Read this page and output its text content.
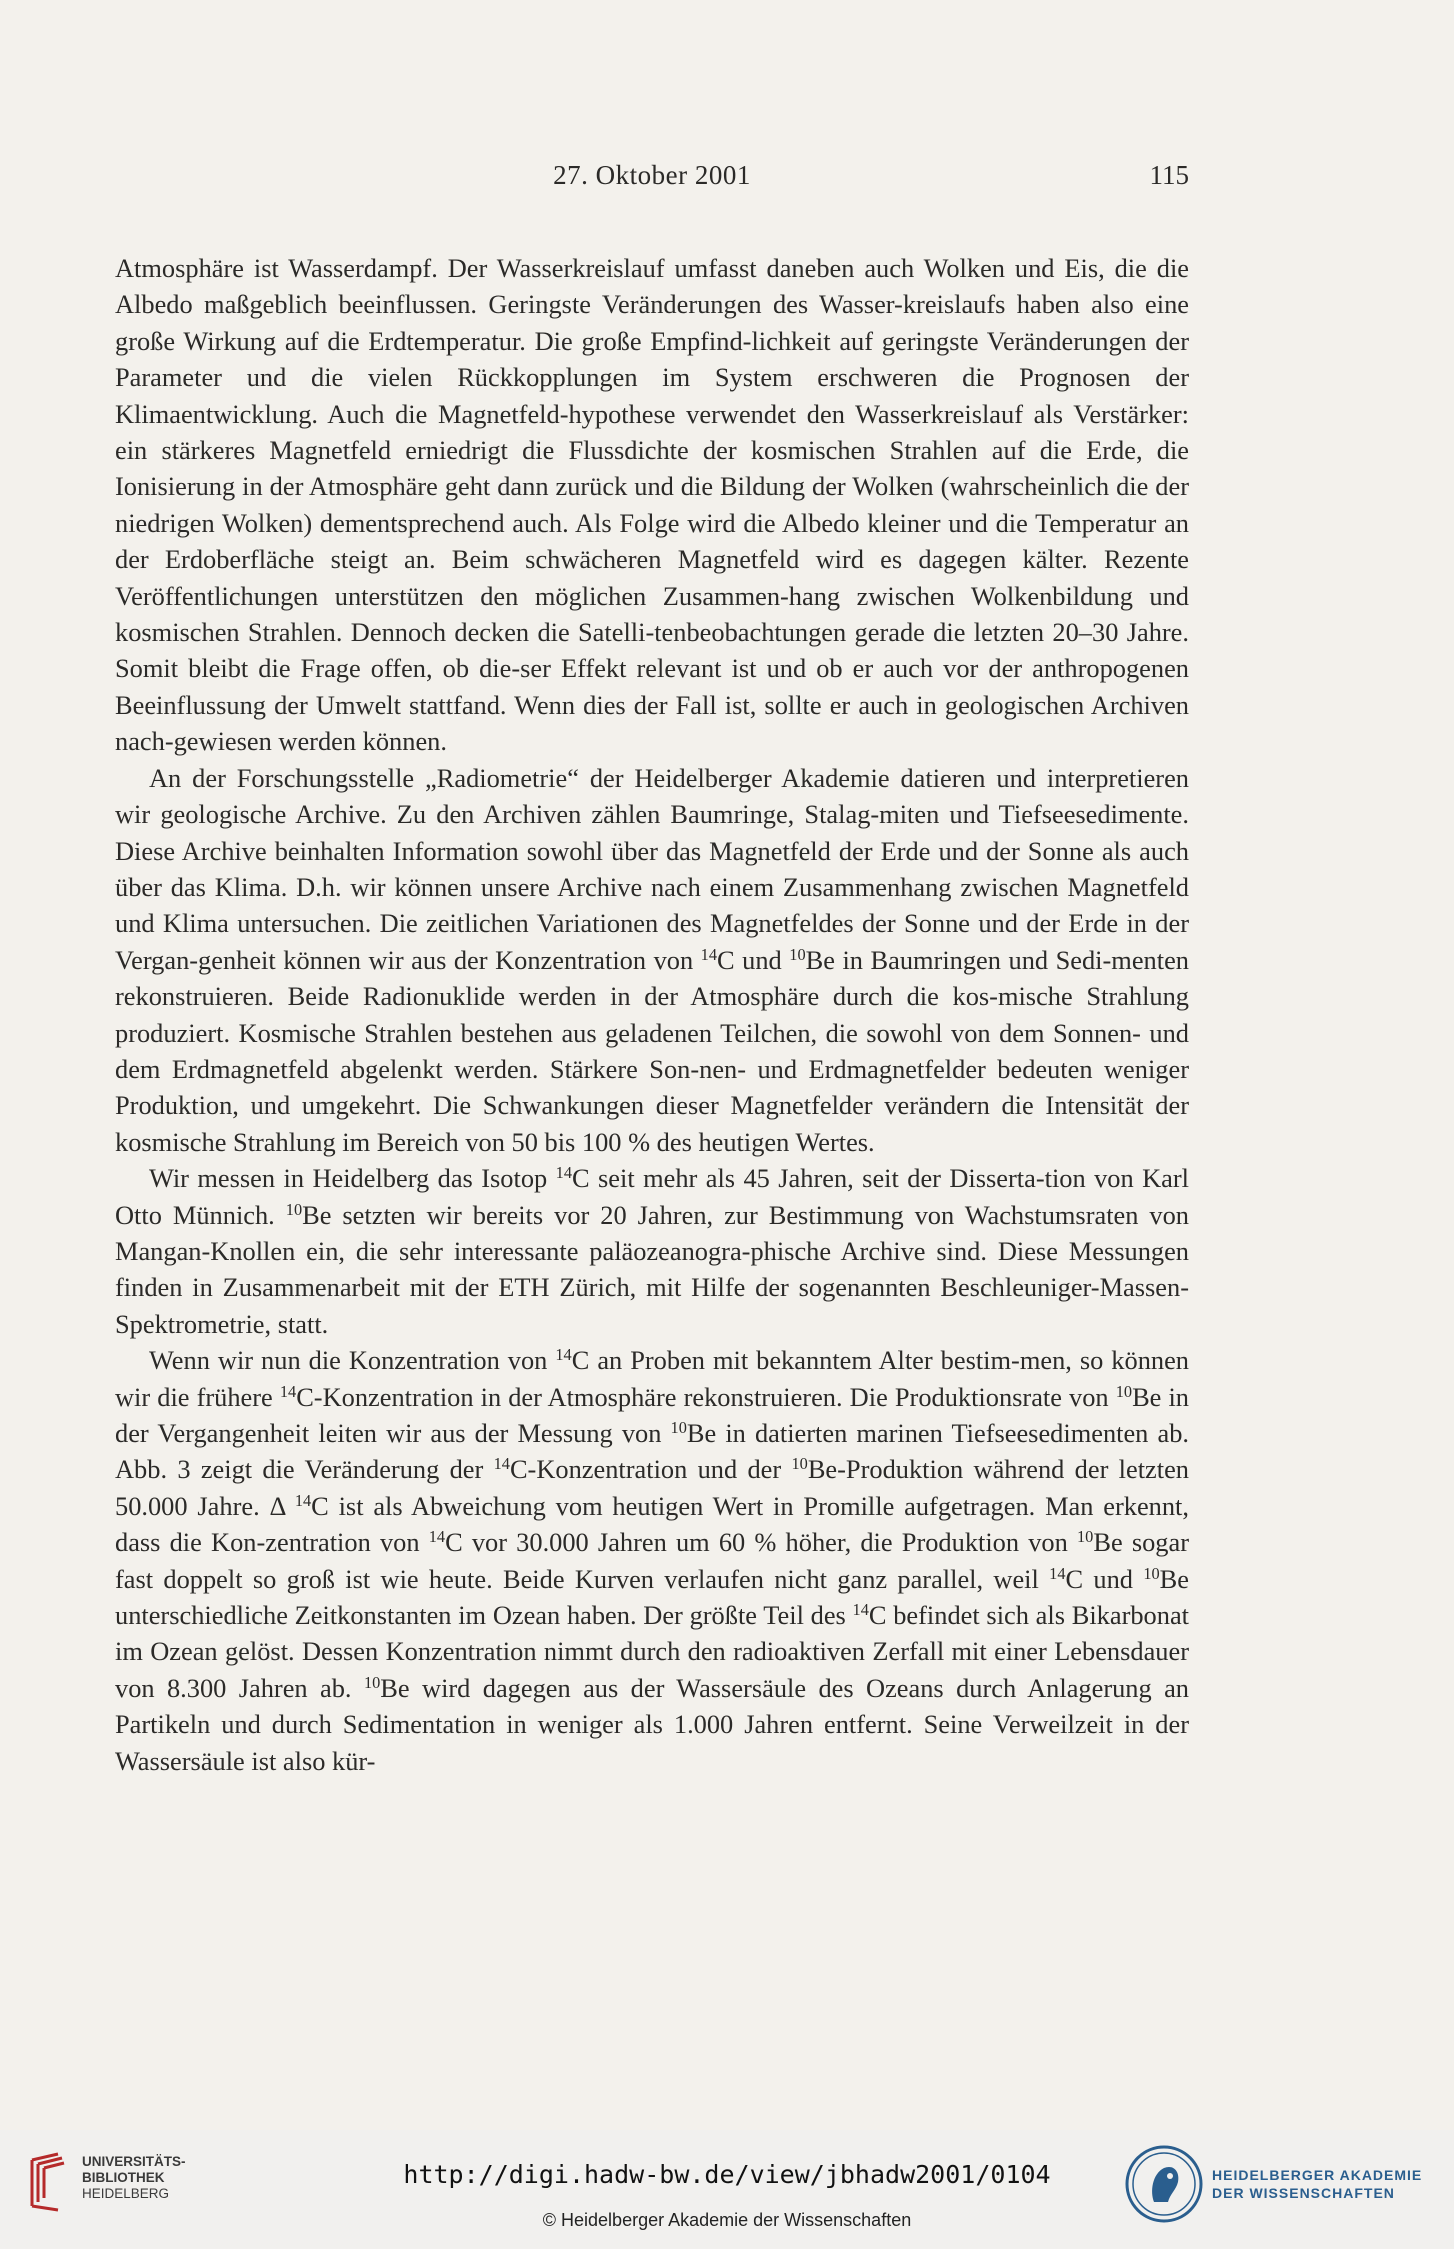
27. Oktober 2001	115

Atmosphäre ist Wasserdampf. Der Wasserkreislauf umfasst daneben auch Wolken und Eis, die die Albedo maßgeblich beeinflussen. Geringste Veränderungen des Wasser-kreislaufs haben also eine große Wirkung auf die Erdtemperatur. Die große Empfind-lichkeit auf geringste Veränderungen der Parameter und die vielen Rückkopplungen im System erschweren die Prognosen der Klimaentwicklung. Auch die Magnetfeld-hypothese verwendet den Wasserkreislauf als Verstärker: ein stärkeres Magnetfeld erniedrigt die Flussdichte der kosmischen Strahlen auf die Erde, die Ionisierung in der Atmosphäre geht dann zurück und die Bildung der Wolken (wahrscheinlich die der niedrigen Wolken) dementsprechend auch. Als Folge wird die Albedo kleiner und die Temperatur an der Erdoberfläche steigt an. Beim schwächeren Magnetfeld wird es dagegen kälter. Rezente Veröffentlichungen unterstützen den möglichen Zusammen-hang zwischen Wolkenbildung und kosmischen Strahlen. Dennoch decken die Satelli-tenbeobachtungen gerade die letzten 20–30 Jahre. Somit bleibt die Frage offen, ob die-ser Effekt relevant ist und ob er auch vor der anthropogenen Beeinflussung der Umwelt stattfand. Wenn dies der Fall ist, sollte er auch in geologischen Archiven nach-gewiesen werden können.

An der Forschungsstelle „Radiometrie“ der Heidelberger Akademie datieren und interpretieren wir geologische Archive. Zu den Archiven zählen Baumringe, Stalag-miten und Tiefseesedimente. Diese Archive beinhalten Information sowohl über das Magnetfeld der Erde und der Sonne als auch über das Klima. D.h. wir können unsere Archive nach einem Zusammenhang zwischen Magnetfeld und Klima untersuchen. Die zeitlichen Variationen des Magnetfeldes der Sonne und der Erde in der Vergan-genheit können wir aus der Konzentration von $^{14}$C und $^{10}$Be in Baumringen und Sedi-menten rekonstruieren. Beide Radionuklide werden in der Atmosphäre durch die kos-mische Strahlung produziert. Kosmische Strahlen bestehen aus geladenen Teilchen, die sowohl von dem Sonnen- und dem Erdmagnetfeld abgelenkt werden. Stärkere Son-nen- und Erdmagnetfelder bedeuten weniger Produktion, und umgekehrt. Die Schwankungen dieser Magnetfelder verändern die Intensität der kosmische Strahlung im Bereich von 50 bis 100 % des heutigen Wertes.

Wir messen in Heidelberg das Isotop $^{14}$C seit mehr als 45 Jahren, seit der Disserta-tion von Karl Otto Münnich. $^{10}$Be setzten wir bereits vor 20 Jahren, zur Bestimmung von Wachstumsraten von Mangan-Knollen ein, die sehr interessante paläozeanogra-phische Archive sind. Diese Messungen finden in Zusammenarbeit mit der ETH Zürich, mit Hilfe der sogenannten Beschleuniger-Massen-Spektrometrie, statt.

Wenn wir nun die Konzentration von $^{14}$C an Proben mit bekanntem Alter bestim-men, so können wir die frühere $^{14}$C-Konzentration in der Atmosphäre rekonstruieren. Die Produktionsrate von $^{10}$Be in der Vergangenheit leiten wir aus der Messung von $^{10}$Be in datierten marinen Tiefseesedimenten ab. Abb. 3 zeigt die Veränderung der $^{14}$C-Konzentration und der $^{10}$Be-Produktion während der letzten 50.000 Jahre. Δ $^{14}$C ist als Abweichung vom heutigen Wert in Promille aufgetragen. Man erkennt, dass die Kon-zentration von $^{14}$C vor 30.000 Jahren um 60 % höher, die Produktion von $^{10}$Be sogar fast doppelt so groß ist wie heute. Beide Kurven verlaufen nicht ganz parallel, weil $^{14}$C und $^{10}$Be unterschiedliche Zeitkonstanten im Ozean haben. Der größte Teil des $^{14}$C befindet sich als Bikarbonat im Ozean gelöst. Dessen Konzentration nimmt durch den radioaktiven Zerfall mit einer Lebensdauer von 8.300 Jahren ab. $^{10}$Be wird dagegen aus der Wassersäule des Ozeans durch Anlagerung an Partikeln und durch Sedimentation in weniger als 1.000 Jahren entfernt. Seine Verweilzeit in der Wassersäule ist also kür-

UNIVERSITÄTS-
BIBLIOTHEK
HEIDELBERG
http://digi.hadw-bw.de/view/jbhadw2001/0104
© Heidelberger Akademie der Wissenschaften
HEIDELBERGER AKADEMIE
DER WISSENSCHAFTEN
